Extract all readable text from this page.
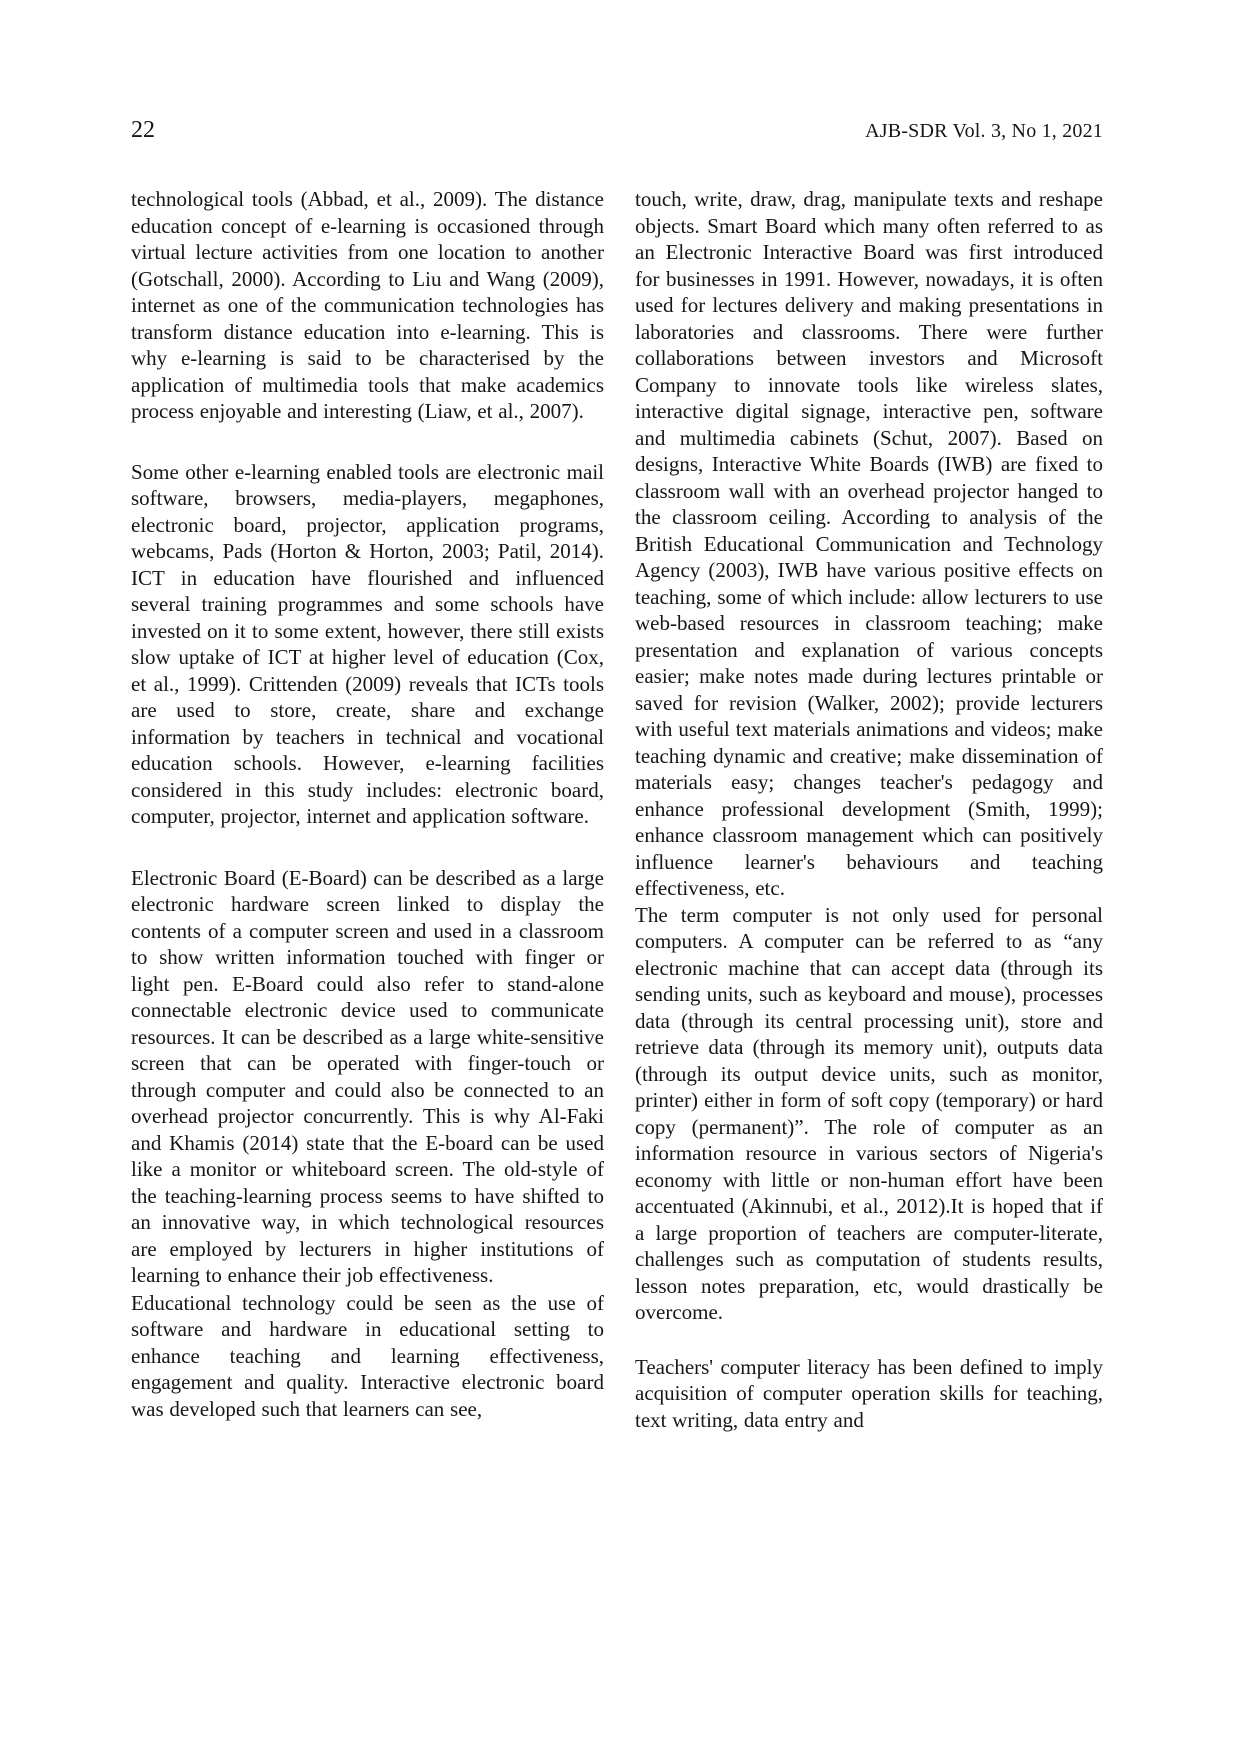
22	AJB-SDR Vol. 3, No 1, 2021

technological tools (Abbad, et al., 2009). The distance education concept of e-learning is occasioned through virtual lecture activities from one location to another (Gotschall, 2000). According to Liu and Wang (2009), internet as one of the communication technologies has transform distance education into e-learning. This is why e-learning is said to be characterised by the application of multimedia tools that make academics process enjoyable and interesting (Liaw, et al., 2007).

Some other e-learning enabled tools are electronic mail software, browsers, media-players, megaphones, electronic board, projector, application programs, webcams, Pads (Horton & Horton, 2003; Patil, 2014). ICT in education have flourished and influenced several training programmes and some schools have invested on it to some extent, however, there still exists slow uptake of ICT at higher level of education (Cox, et al., 1999). Crittenden (2009) reveals that ICTs tools are used to store, create, share and exchange information by teachers in technical and vocational education schools. However, e-learning facilities considered in this study includes: electronic board, computer, projector, internet and application software.

Electronic Board (E-Board) can be described as a large electronic hardware screen linked to display the contents of a computer screen and used in a classroom to show written information touched with finger or light pen. E-Board could also refer to stand-alone connectable electronic device used to communicate resources. It can be described as a large white-sensitive screen that can be operated with finger-touch or through computer and could also be connected to an overhead projector concurrently. This is why Al-Faki and Khamis (2014) state that the E-board can be used like a monitor or whiteboard screen. The old-style of the teaching-learning process seems to have shifted to an innovative way, in which technological resources are employed by lecturers in higher institutions of learning to enhance their job effectiveness.

Educational technology could be seen as the use of software and hardware in educational setting to enhance teaching and learning effectiveness, engagement and quality. Interactive electronic board was developed such that learners can see,

touch, write, draw, drag, manipulate texts and reshape objects. Smart Board which many often referred to as an Electronic Interactive Board was first introduced for businesses in 1991. However, nowadays, it is often used for lectures delivery and making presentations in laboratories and classrooms. There were further collaborations between investors and Microsoft Company to innovate tools like wireless slates, interactive digital signage, interactive pen, software and multimedia cabinets (Schut, 2007). Based on designs, Interactive White Boards (IWB) are fixed to classroom wall with an overhead projector hanged to the classroom ceiling. According to analysis of the British Educational Communication and Technology Agency (2003), IWB have various positive effects on teaching, some of which include: allow lecturers to use web-based resources in classroom teaching; make presentation and explanation of various concepts easier; make notes made during lectures printable or saved for revision (Walker, 2002); provide lecturers with useful text materials animations and videos; make teaching dynamic and creative; make dissemination of materials easy; changes teacher's pedagogy and enhance professional development (Smith, 1999); enhance classroom management which can positively influence learner's behaviours and teaching effectiveness, etc.

The term computer is not only used for personal computers. A computer can be referred to as “any electronic machine that can accept data (through its sending units, such as keyboard and mouse), processes data (through its central processing unit), store and retrieve data (through its memory unit), outputs data (through its output device units, such as monitor, printer) either in form of soft copy (temporary) or hard copy (permanent)”. The role of computer as an information resource in various sectors of Nigeria's economy with little or non-human effort have been accentuated (Akinnubi, et al., 2012).It is hoped that if a large proportion of teachers are computer-literate, challenges such as computation of students results, lesson notes preparation, etc, would drastically be overcome.

Teachers' computer literacy has been defined to imply acquisition of computer operation skills for teaching, text writing, data entry and
